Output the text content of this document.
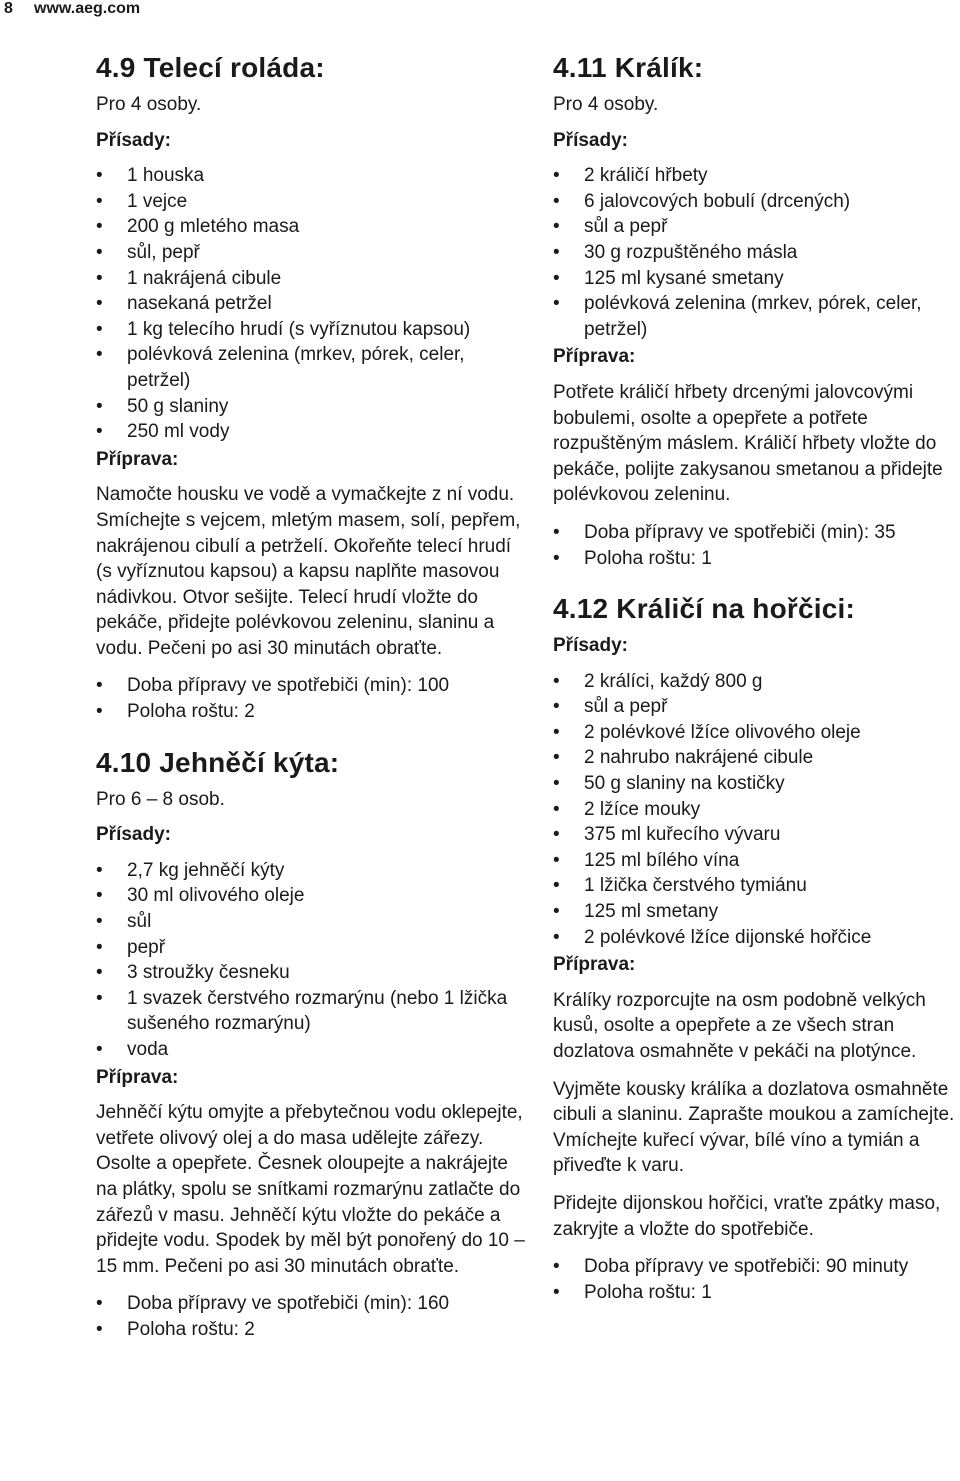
8 www.aeg.com
4.9 Telecí roláda:
Pro 4 osoby.
Přísady:
• 1 houska
• 1 vejce
• 200 g mletého masa
• sůl, pepř
• 1 nakrájená cibule
• nasekaná petržel
• 1 kg telecího hrudí (s vyříznutou kapsou)
• polévková zelenina (mrkev, pórek, celer, petržel)
• 50 g slaniny
• 250 ml vody
Příprava:

Namočte housku ve vodě a vymačkejte z ní vodu. Smíchejte s vejcem, mletým masem, solí, pepřem, nakrájenou cibulí a petrželí. Okořeňte telecí hrudí (s vyříznutou kapsou) a kapsu naplňte masovou nádivkou. Otvor sešijte. Telecí hrudí vložte do pekáče, přidejte polévkovou zeleninu, slaninu a vodu. Pečeni po asi 30 minutách obraťte.

• Doba přípravy ve spotřebiči (min): 100
• Poloha roštu: 2
4.10 Jehněčí kýta:
Pro 6 – 8 osob.
Přísady:
• 2,7 kg jehněčí kýty
• 30 ml olivového oleje
• sůl
• pepř
• 3 stroužky česneku
• 1 svazek čerstvého rozmarýnu (nebo 1 lžička sušeného rozmarýnu)
• voda
Příprava:

Jehněčí kýtu omyjte a přebytečnou vodu oklepejte, vetřete olivový olej a do masa udělejte zářezy. Osolte a opepřete. Česnek oloupejte a nakrájejte na plátky, spolu se snítkami rozmarýnu zatlačte do zářezů v masu. Jehněčí kýtu vložte do pekáče a přidejte vodu. Spodek by měl být ponořený do 10 – 15 mm. Pečeni po asi 30 minutách obraťte.

• Doba přípravy ve spotřebiči (min): 160
• Poloha roštu: 2
4.11 Králík:
Pro 4 osoby.
Přísady:
• 2 králičí hřbety
• 6 jalovcových bobulí (drcených)
• sůl a pepř
• 30 g rozpuštěného másla
• 125 ml kysané smetany
• polévková zelenina (mrkev, pórek, celer, petržel)
Příprava:

Potřete králičí hřbety drcenými jalovcovými bobulemi, osolte a opepřete a potřete rozpuštěným máslem. Králičí hřbety vložte do pekáče, polijte zakysanou smetanou a přidejte polévkovou zeleninu.

• Doba přípravy ve spotřebiči (min): 35
• Poloha roštu: 1
4.12 Králičí na hořčici:
Přísady:
• 2 králíci, každý 800 g
• sůl a pepř
• 2 polévkové lžíce olivového oleje
• 2 nahrubo nakrájené cibule
• 50 g slaniny na kostičky
• 2 lžíce mouky
• 375 ml kuřecího vývaru
• 125 ml bílého vína
• 1 lžička čerstvého tymiánu
• 125 ml smetany
• 2 polévkové lžíce dijonské hořčice
Příprava:

Králíky rozporcujte na osm podobně velkých kusů, osolte a opepřete a ze všech stran dozlatova osmahněte v pekáči na plotýnce.

Vyjměte kousky králíka a dozlatova osmahněte cibuli a slaninu. Zaprašte moukou a zamíchejte. Vmíchejte kuřecí vývar, bílé víno a tymián a přiveďte k varu.

Přidejte dijonskou hořčici, vraťte zpátky maso, zakryjte a vložte do spotřebiče.

• Doba přípravy ve spotřebiči: 90 minuty
• Poloha roštu: 1
